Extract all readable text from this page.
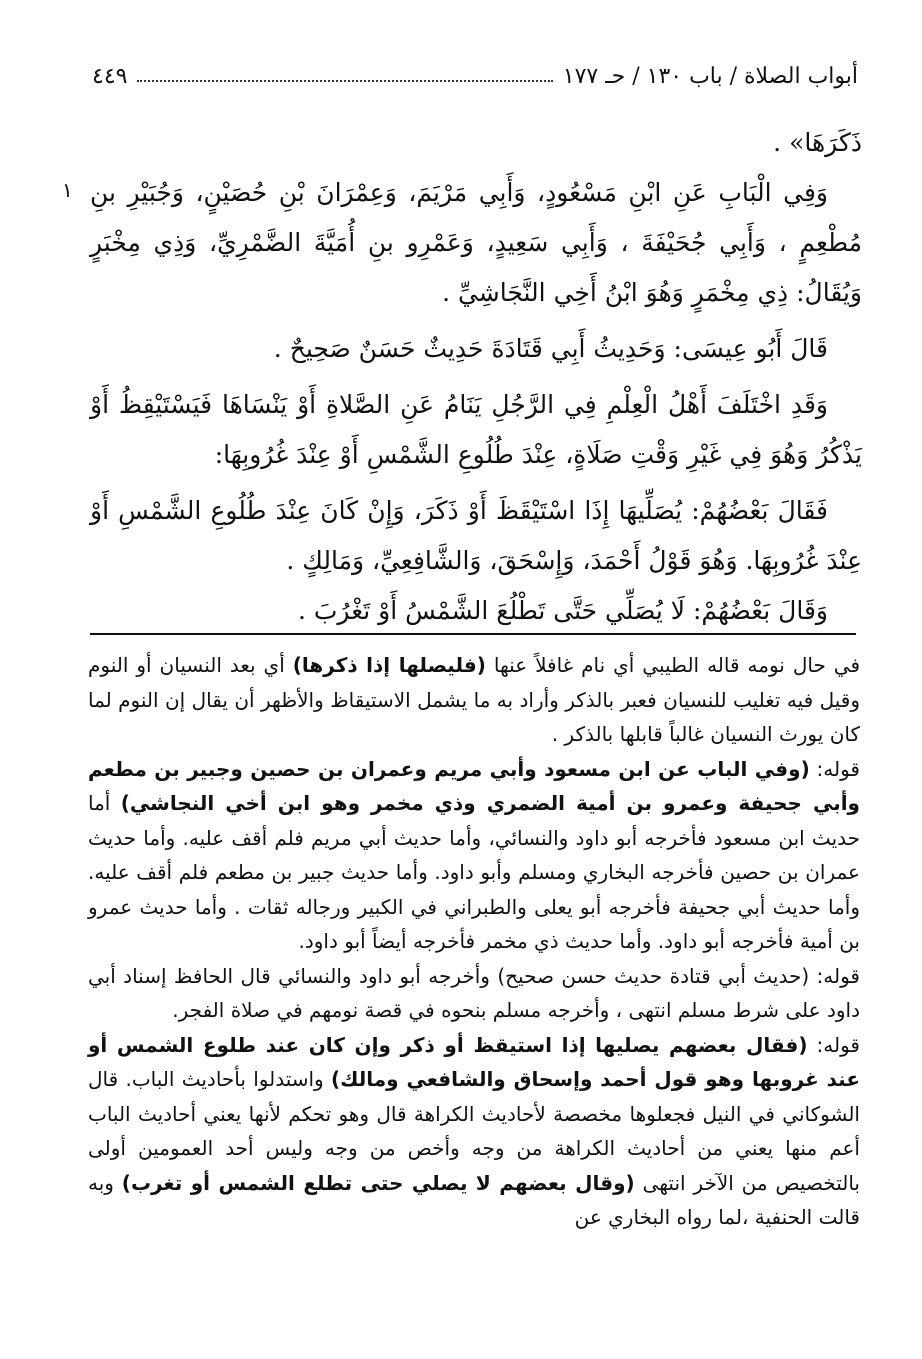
أبواب الصلاة / باب ١٣٠ / حـ ١٧٧
٤٤٩
١

ذَكَرَهَا» .

وَفِي الْبَابِ عَنِ ابْنِ مَسْعُودٍ، وَأَبِي مَرْيَمَ، وَعِمْرَانَ بْنِ حُصَيْنٍ، وَجُبَيْرِ بنِ مُطْعِمٍ ، وَأَبِي جُحَيْفَةَ ، وَأَبِي سَعِيدٍ، وَعَمْرِو بنِ أُمَيَّةَ الضَّمْرِيِّ، وَذِي مِخْبَرٍ وَيُقَالُ: ذِي مِخْمَرٍ وَهُوَ ابْنُ أَخِي النَّجَاشِيِّ .

قَالَ أَبُو عِيسَى: وَحَدِيثُ أَبِي قَتَادَةَ حَدِيثٌ حَسَنٌ صَحِيحٌ .

وَقَدِ اخْتَلَفَ أَهْلُ الْعِلْمِ فِي الرَّجُلِ يَنَامُ عَنِ الصَّلاةِ أَوْ يَنْسَاهَا فَيَسْتَيْقِظُ أَوْ يَذْكُرُ وَهُوَ فِي غَيْرِ وَقْتِ صَلَاةٍ، عِنْدَ طُلُوعِ الشَّمْسِ أَوْ عِنْدَ غُرُوبِهَا:

فَقَالَ بَعْضُهُمْ: يُصَلِّيهَا إِذَا اسْتَيْقَظَ أَوْ ذَكَرَ، وَإِنْ كَانَ عِنْدَ طُلُوعِ الشَّمْسِ أَوْ عِنْدَ غُرُوبِهَا. وَهُوَ قَوْلُ أَحْمَدَ، وَإِسْحَقَ، وَالشَّافِعِيِّ، وَمَالِكٍ .

وَقَالَ بَعْضُهُمْ: لَا يُصَلِّي حَتَّى تَطْلُعَ الشَّمْسُ أَوْ تَغْرُبَ .

في حال نومه قاله الطيبي أي نام غافلاً عنها (فليصلها إذا ذكرها) أي بعد النسيان أو النوم وقيل فيه تغليب للنسيان فعبر بالذكر وأراد به ما يشمل الاستيقاظ والأظهر أن يقال إن النوم لما كان يورث النسيان غالباً قابلها بالذكر .

قوله: (وفي الباب عن ابن مسعود وأبي مريم وعمران بن حصين وجبير بن مطعم وأبي جحيفة وعمرو بن أمية الضمري وذي مخمر وهو ابن أخي النجاشي) أما حديث ابن مسعود فأخرجه أبو داود والنسائي، وأما حديث أبي مريم فلم أقف عليه. وأما حديث عمران بن حصين فأخرجه البخاري ومسلم وأبو داود. وأما حديث جبير بن مطعم فلم أقف عليه. وأما حديث أبي جحيفة فأخرجه أبو يعلى والطبراني في الكبير ورجاله ثقات . وأما حديث عمرو بن أمية فأخرجه أبو داود. وأما حديث ذي مخمر فأخرجه أيضاً أبو داود.

قوله: (حديث أبي قتادة حديث حسن صحيح) وأخرجه أبو داود والنسائي قال الحافظ إسناد أبي داود على شرط مسلم انتهى ، وأخرجه مسلم بنحوه في قصة نومهم في صلاة الفجر.

قوله: (فقال بعضهم يصليها إذا استيقظ أو ذكر وإن كان عند طلوع الشمس أو عند غروبها وهو قول أحمد وإسحاق والشافعي ومالك) واستدلوا بأحاديث الباب. قال الشوكاني في النيل فجعلوها مخصصة لأحاديث الكراهة قال وهو تحكم لأنها يعني أحاديث الباب أعم منها يعني من أحاديث الكراهة من وجه وأخص من وجه وليس أحد العمومين أولى بالتخصيص من الآخر انتهى (وقال بعضهم لا يصلي حتى تطلع الشمس أو تغرب) وبه قالت الحنفية ،لما رواه البخاري عن
